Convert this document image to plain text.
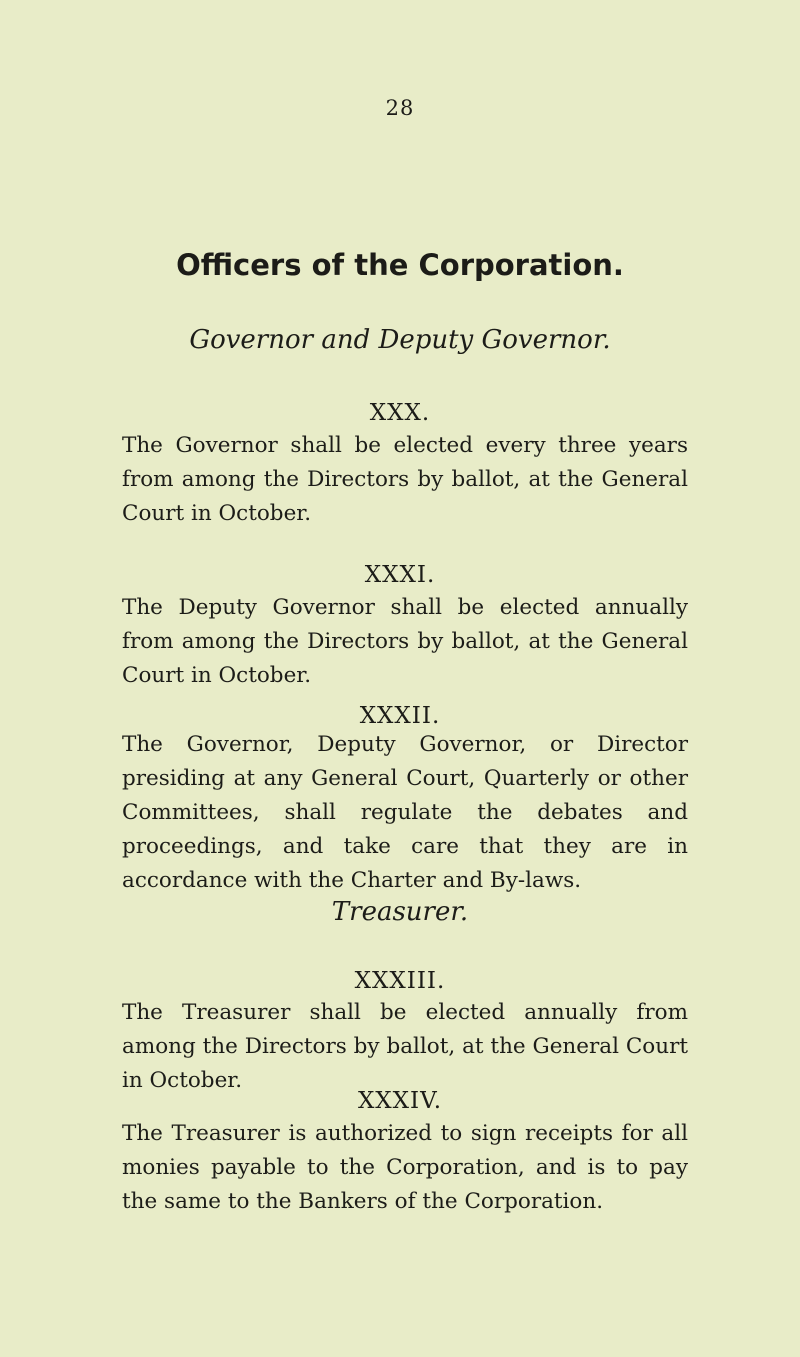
28
Officers of the Corporation.
Governor and Deputy Governor.
XXX.
The Governor shall be elected every three years from among the Directors by ballot, at the General Court in October.
XXXI.
The Deputy Governor shall be elected annually from among the Directors by ballot, at the General Court in October.
XXXII.
The Governor, Deputy Governor, or Director presiding at any General Court, Quarterly or other Committees, shall regulate the debates and proceedings, and take care that they are in accordance with the Charter and By-laws.
Treasurer.
XXXIII.
The Treasurer shall be elected annually from among the Directors by ballot, at the General Court in October.
XXXIV.
The Treasurer is authorized to sign receipts for all monies payable to the Corporation, and is to pay the same to the Bankers of the Corporation.
